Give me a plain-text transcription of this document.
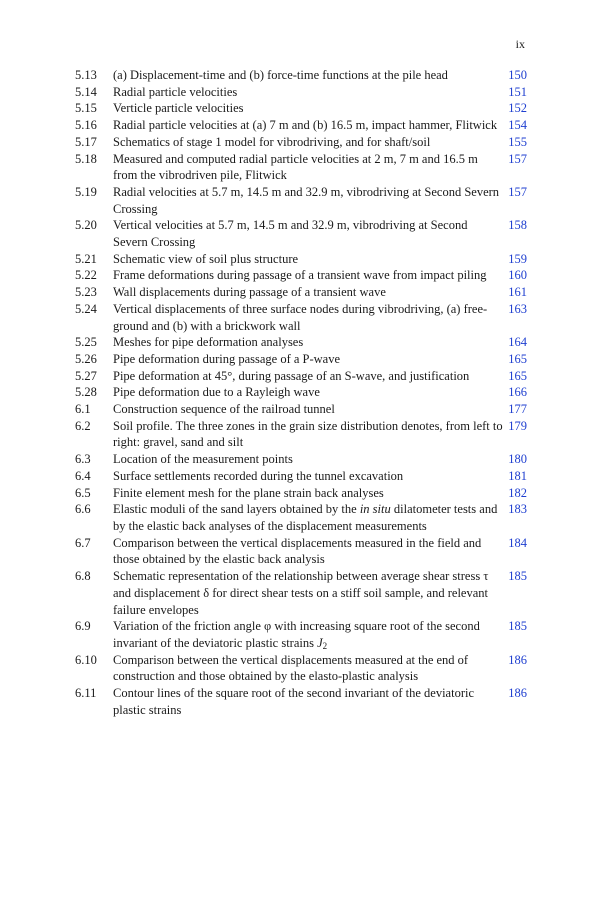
ix
5.13	(a) Displacement-time and (b) force-time functions at the pile head	150
5.14	Radial particle velocities	151
5.15	Verticle particle velocities	152
5.16	Radial particle velocities at (a) 7 m and (b) 16.5 m, impact hammer, Flitwick 154
5.17	Schematics of stage 1 model for vibrodriving, and for shaft/soil	155
5.18	Measured and computed radial particle velocities at 2 m, 7 m and 16.5 m from the vibrodriven pile, Flitwick
157
5.19	Radial velocities at 5.7 m, 14.5 m and 32.9 m, vibrodriving at Second Severn Crossing
157
5.20	Vertical velocities at 5.7 m, 14.5 m and 32.9 m, vibrodriving at Second Severn Crossing
158
5.21	Schematic view of soil plus structure	159
5.22	Frame deformations during passage of a transient wave from impact piling	160
5.23	Wall displacements during passage of a transient wave	161
5.24	Vertical displacements of three surface nodes during vibrodriving, (a) free-ground and (b) with a brickwork wall
163
5.25	Meshes for pipe deformation analyses	164
5.26	Pipe deformation during passage of a P-wave	165
5.27	Pipe deformation at 45°, during passage of an S-wave, and justification	165
5.28	Pipe deformation due to a Rayleigh wave	166
6.1	Construction sequence of the railroad tunnel	177
6.2	Soil profile. The three zones in the grain size distribution denotes, from left to right: gravel, sand and silt
179
6.3	Location of the measurement points	180
6.4	Surface settlements recorded during the tunnel excavation	181
6.5	Finite element mesh for the plane strain back analyses	182
6.6	Elastic moduli of the sand layers obtained by the in situ dilatometer tests and by the elastic back analyses of the displacement measurements
183
6.7	Comparison between the vertical displacements measured in the field and those obtained by the elastic back analysis
184
6.8	Schematic representation of the relationship between average shear stress τ and displacement δ for direct shear tests on a stiff soil sample, and relevant failure envelopes
185
6.9	Variation of the friction angle φ with increasing square root of the second invariant of the deviatoric plastic strains $J_2$
185
6.10	Comparison between the vertical displacements measured at the end of construction and those obtained by the elasto-plastic analysis
186
6.11	Contour lines of the square root of the second invariant of the deviatoric plastic strains
186
